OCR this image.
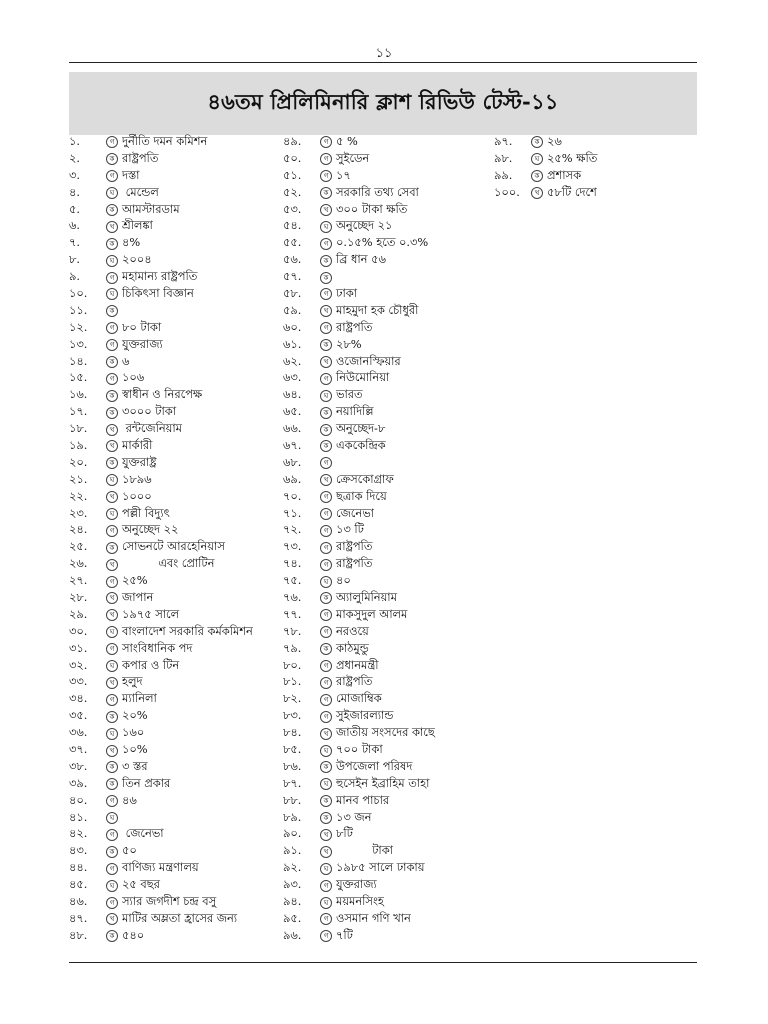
১১
৪৬তম প্রিলিমিনারি ক্লাশ রিভিউ টেস্ট-১১
১.	গ দুর্নীতি দমন কমিশন
২.	ক রাষ্ট্রপতি
৩.	গ দস্তা
৪.	ঘ মেন্ডেল
৫.	ক আমস্টারডাম
৬.	খ শ্রীলঙ্কা
৭.	ক ৪%
৮.	ঘ ২০০৪
৯.	গ মহামান্য রাষ্ট্রপতি
১০.	ঘ চিকিৎসা বিজ্ঞান
১১.	ক
১২.	গ ৮০ টাকা
১৩.	গ যুক্তরাজ্য
১৪.	ক ৬
১৫.	গ ১০৬
১৬.	ক স্বাধীন ও নিরপেক্ষ
১৭.	ক ৩০০০ টাকা
১৮.	খ রন্টজেনিয়াম
১৯.	খ মার্কারী
২০.	ক যুক্তরাষ্ট্র
২১.	ঘ ১৮৯৬
২২.	খ ১০০০
২৩.	ঘ পল্লী বিদ্যুৎ
২৪.	গ অনুচ্ছেদ ২২
২৫.	ক সোভনটে আরহেনিয়াস
২৬.	খ এবং প্রোটিন
২৭.	গ ২৫%
২৮.	খ জাপান
২৯.	খ ১৯৭৫ সালে
৩০.	ঘ বাংলাদেশ সরকারি কর্মকমিশন
৩১.	গ সাংবিধানিক পদ
৩২.	ঘ কপার ও টিন
৩৩.	খ হলুদ
৩৪.	গ ম্যানিলা
৩৫.	ক ২০%
৩৬.	ঘ ১৬০
৩৭.	খ ১০%
৩৮.	ক ৩ স্তর
৩৯.	ক তিন প্রকার
৪০.	গ ৪৬
৪১.	ঘ
৪২.	গ জেনেভা
৪৩.	ক ৫০
৪৪.	গ বাণিজ্য মন্ত্রণালয়
৪৫.	ঘ ২৫ বছর
৪৬.	গ স্যার জগদীশ চন্দ্র বসু
৪৭.	খ মাটির অম্লতা হ্রাসের জন্য
৪৮.	ক ৫৪০
৪৯.	গ ৫ %
৫০.	গ সুইডেন
৫১.	গ ১৭
৫২.	ক সরকারি তথ্য সেবা
৫৩.	খ ৩০০ টাকা ক্ষতি
৫৪.	ঘ অনুচ্ছেদ ২১
৫৫.	গ ০.১৫% হতে ০.৩%
৫৬.	ক ব্রি ধান ৫৬
৫৭.	ক
৫৮.	গ ঢাকা
৫৯.	খ মাহমুদা হক চৌধুরী
৬০.	গ রাষ্ট্রপতি
৬১.	ক ২৮%
৬২.	খ ওজোনস্ফিয়ার
৬৩.	গ নিউমোনিয়া
৬৪.	ঘ ভারত
৬৫.	ক নয়াদিল্লি
৬৬.	ক অনুচ্ছেদ-৮
৬৭.	ক এককেন্দ্রিক
৬৮.	গ
৬৯.	খ ক্রেসকোগ্রাফ
৭০.	গ ছত্রাক দিয়ে
৭১.	গ জেনেভা
৭২.	গ ১৩ টি
৭৩.	গ রাষ্ট্রপতি
৭৪.	গ রাষ্ট্রপতি
৭৫.	ঘ ৪০
৭৬.	ক অ্যালুমিনিয়াম
৭৭.	গ মাকসুদুল আলম
৭৮.	গ নরওয়ে
৭৯.	ক কাঠমুন্ডু
৮০.	গ প্রধানমন্ত্রী
৮১.	গ রাষ্ট্রপতি
৮২.	গ মোজাম্বিক
৮৩.	গ সুইজারল্যান্ড
৮৪.	খ জাতীয় সংসদের কাছে
৮৫.	ঘ ৭০০ টাকা
৮৬.	ক উপজেলা পরিষদ
৮৭.	ঘ হুসেইন ইব্রাহিম তাহা
৮৮.	ক মানব পাচার
৮৯.	ক ১৩ জন
৯০.	খ ৮টি
৯১.	খ টাকা
৯২.	ঘ ১৯৮৫ সালে ঢাকায়
৯৩.	গ যুক্তরাজ্য
৯৪.	ঘ ময়মনসিংহ
৯৫.	গ ওসমান গণি খান
৯৬.	গ ৭টি
৯৭.	ক ২৬
৯৮.	ঘ ২৫% ক্ষতি
৯৯.	ক প্রশাসক
১০০.	খ ৫৮টি দেশে
